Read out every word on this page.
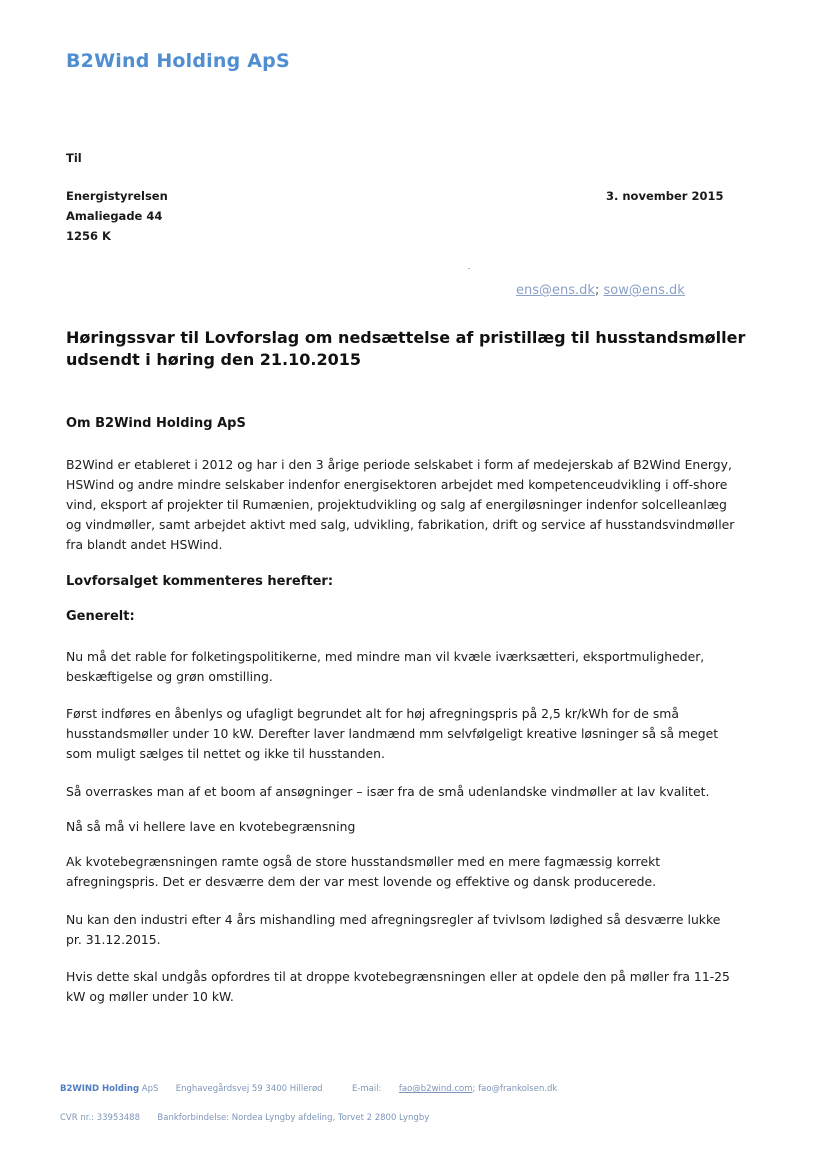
B2Wind Holding ApS
Til
Energistyrelsen
Amaliegade 44
1256 K
3. november 2015
ens@ens.dk; sow@ens.dk
Høringssvar til Lovforslag om nedsættelse af pristillæg til husstandsmøller udsendt i høring den 21.10.2015
Om B2Wind Holding ApS
B2Wind er etableret i 2012 og har i den 3 årige periode selskabet i form af medejerskab af B2Wind Energy, HSWind og andre mindre selskaber indenfor energisektoren arbejdet med kompetenceudvikling i off-shore vind, eksport af projekter til Rumænien, projektudvikling og salg af energiløsninger indenfor solcelleanlæg og vindmøller, samt arbejdet aktivt med salg, udvikling, fabrikation, drift og service af husstandsvindmøller fra blandt andet HSWind.
Lovforsalget kommenteres herefter:
Generelt:
Nu må det rable for folketingspolitikerne, med mindre man vil kvæle iværksætteri, eksportmuligheder, beskæftigelse og grøn omstilling.
Først indføres en åbenlys og ufagligt begrundet alt for høj afregningspris på 2,5 kr/kWh for de små husstandsmøller under 10 kW. Derefter laver landmænd mm selvfølgeligt kreative løsninger så så meget som muligt sælges til nettet og ikke til husstanden.
Så overraskes man af et boom af ansøgninger – især fra de små udenlandske vindmøller at lav kvalitet.
Nå så må vi hellere lave en kvotebegrænsning
Ak kvotebegrænsningen ramte også de store husstandsmøller med en mere fagmæssig korrekt afregningspris. Det er desværre dem der var mest lovende og effektive og dansk producerede.
Nu kan den industri efter 4 års mishandling med afregningsregler af tvivlsom lødighed så desværre lukke pr. 31.12.2015.
Hvis dette skal undgås opfordres til at droppe kvotebegrænsningen eller at opdele den på møller fra 11-25 kW og møller under 10 kW.
B2WIND Holding ApS Enghavegårdsvej 59 3400 Hillerød	E-mail: fao@b2wind.com; fao@frankolsen.dk
CVR nr.: 33953488 Bankforbindelse: Nordea Lyngby afdeling, Torvet 2 2800 Lyngby
